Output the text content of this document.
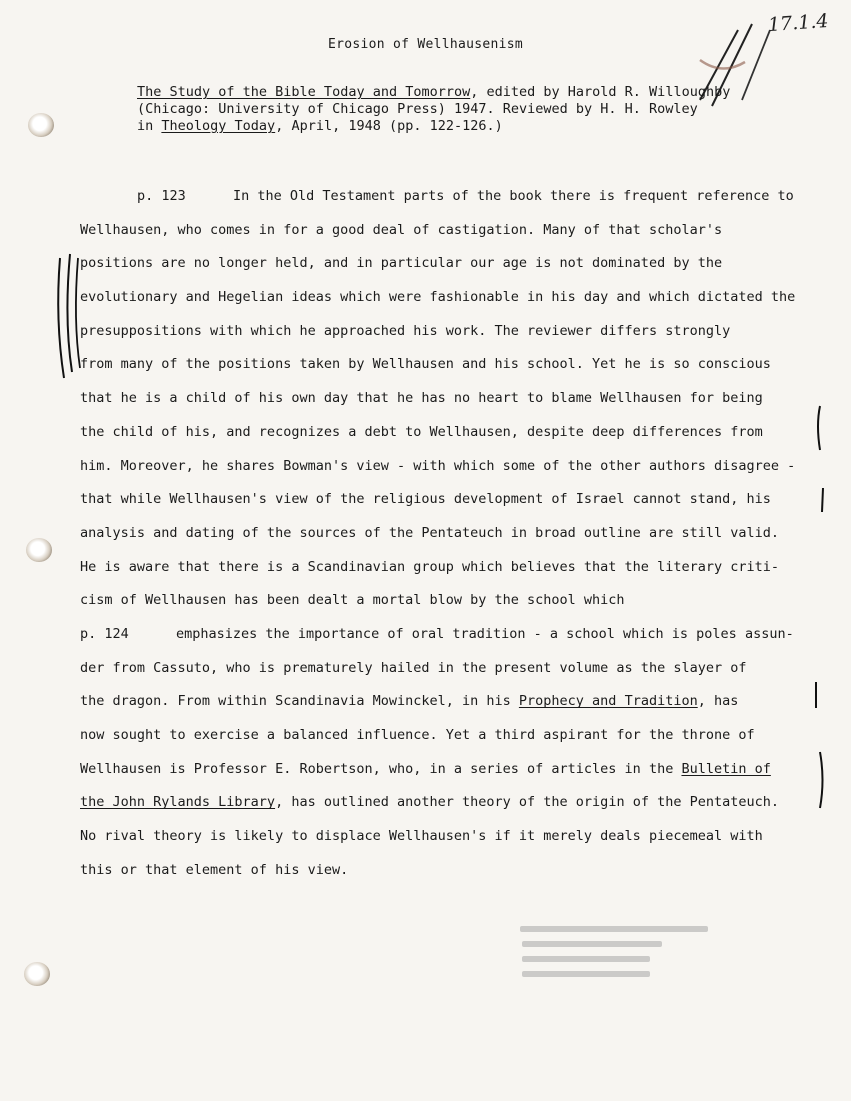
17.1.4
Erosion of Wellhausenism
The Study of the Bible Today and Tomorrow, edited by Harold R. Willoughby
(Chicago: University of Chicago Press) 1947. Reviewed by H. H. Rowley
in Theology Today, April, 1948 (pp. 122-126.)
p. 123	In the Old Testament parts of the book there is frequent reference to
Wellhausen, who comes in for a good deal of castigation. Many of that scholar's
positions are no longer held, and in particular our age is not dominated by the
evolutionary and Hegelian ideas which were fashionable in his day and which dictated the
presuppositions with which he approached his work. The reviewer differs strongly
from many of the positions taken by Wellhausen and his school. Yet he is so conscious
that he is a child of his own day that he has no heart to blame Wellhausen for being
the child of his, and recognizes a debt to Wellhausen, despite deep differences from
him. Moreover, he shares Bowman's view - with which some of the other authors disagree -
that while Wellhausen's view of the religious development of Israel cannot stand, his
analysis and dating of the sources of the Pentateuch in broad outline are still valid.
He is aware that there is a Scandinavian group which believes that the literary criti-
cism of Wellhausen has been dealt a mortal blow by the school which
p. 124	emphasizes the importance of oral tradition - a school which is poles assun-
der from Cassuto, who is prematurely hailed in the present volume as the slayer of
the dragon. From within Scandinavia Mowinckel, in his Prophecy and Tradition, has
now sought to exercise a balanced influence. Yet a third aspirant for the throne of
Wellhausen is Professor E. Robertson, who, in a series of articles in the Bulletin of
the John Rylands Library, has outlined another theory of the origin of the Pentateuch.
No rival theory is likely to displace Wellhausen's if it merely deals piecemeal with
this or that element of his view.
